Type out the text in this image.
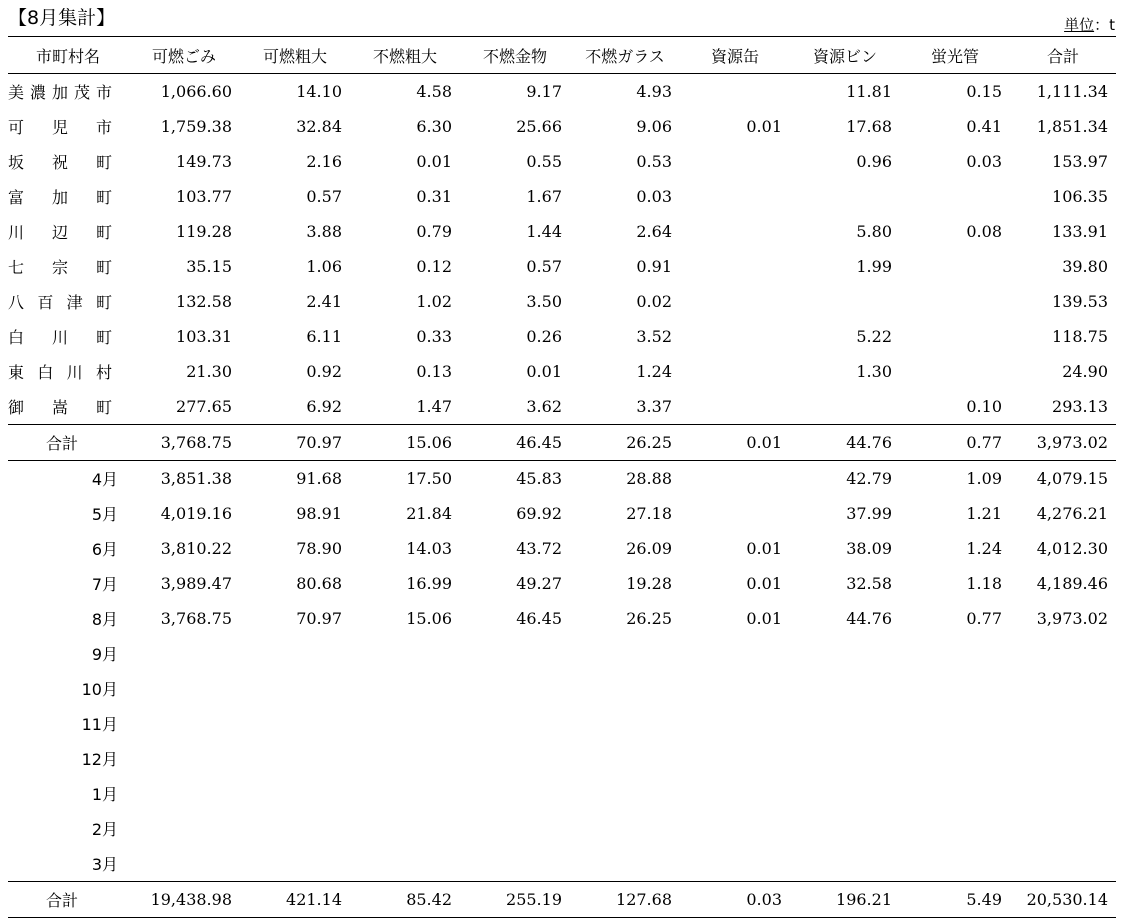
【8月集計】	単位：t
市町村名	可燃ごみ	可燃粗大	不燃粗大	不燃金物	不燃ガラス	資源缶	資源ビン	蛍光管	合計

美 濃 加 茂 市	1,066.60	14.10	4.58	9.17	4.93		11.81	0.15	1,111.34

可 児 市	1,759.38	32.84	6.30	25.66	9.06	0.01	17.68	0.41	1,851.34

坂 祝 町	149.73	2.16	0.01	0.55	0.53		0.96	0.03	153.97

富 加 町	103.77	0.57	0.31	1.67	0.03				106.35

川 辺 町	119.28	3.88	0.79	1.44	2.64		5.80	0.08	133.91

七 宗 町	35.15	1.06	0.12	0.57	0.91		1.99		39.80

八 百 津 町	132.58	2.41	1.02	3.50	0.02				139.53

白 川 町	103.31	6.11	0.33	0.26	3.52		5.22		118.75

東 白 川 村	21.30	0.92	0.13	0.01	1.24		1.30		24.90

御 嵩 町	277.65	6.92	1.47	3.62	3.37			0.10	293.13
合計	3,768.75	70.97	15.06	46.45	26.25	0.01	44.76	0.77	3,973.02
4月	3,851.38	91.68	17.50	45.83	28.88		42.79	1.09	4,079.15
5月	4,019.16	98.91	21.84	69.92	27.18		37.99	1.21	4,276.21
6月	3,810.22	78.90	14.03	43.72	26.09	0.01	38.09	1.24	4,012.30
7月	3,989.47	80.68	16.99	49.27	19.28	0.01	32.58	1.18	4,189.46
8月	3,768.75	70.97	15.06	46.45	26.25	0.01	44.76	0.77	3,973.02
9月									
10月									
11月									
12月									
1月									
2月									
3月									
合計	19,438.98	421.14	85.42	255.19	127.68	0.03	196.21	5.49	20,530.14
